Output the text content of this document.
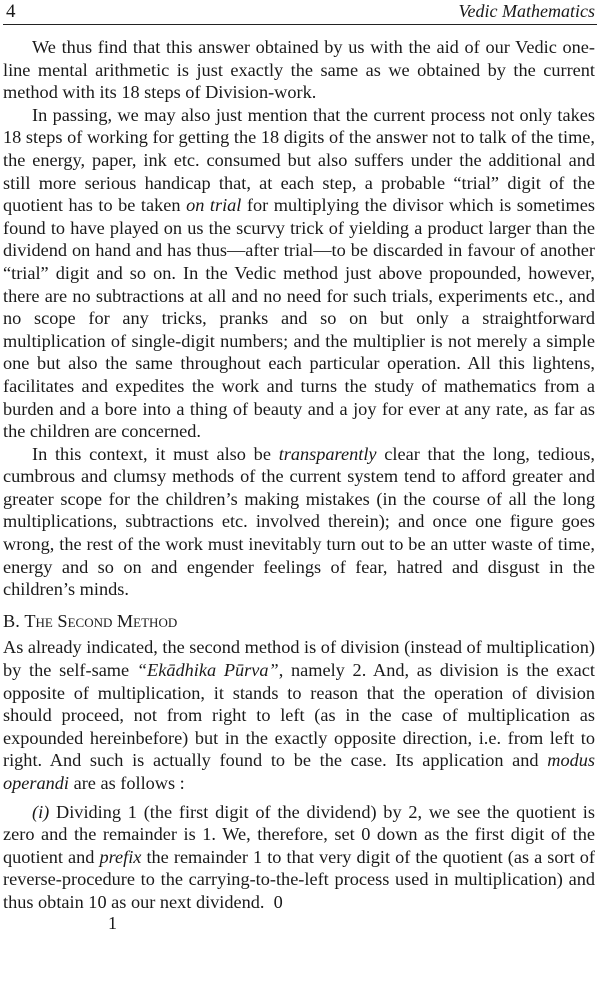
4	Vedic Mathematics

We thus find that this answer obtained by us with the aid of our Vedic one-line mental arithmetic is just exactly the same as we obtained by the current method with its 18 steps of Division-work.

In passing, we may also just mention that the current process not only takes 18 steps of working for getting the 18 digits of the answer not to talk of the time, the energy, paper, ink etc. consumed but also suffers under the additional and still more serious handicap that, at each step, a probable “trial” digit of the quotient has to be taken on trial for multiplying the divisor which is sometimes found to have played on us the scurvy trick of yielding a product larger than the dividend on hand and has thus—after trial—to be discarded in favour of another “trial” digit and so on. In the Vedic method just above propounded, however, there are no subtractions at all and no need for such trials, experiments etc., and no scope for any tricks, pranks and so on but only a straightforward multiplication of single-digit numbers; and the multiplier is not merely a simple one but also the same throughout each particular operation. All this lightens, facilitates and expedites the work and turns the study of mathematics from a burden and a bore into a thing of beauty and a joy for ever at any rate, as far as the children are concerned.

In this context, it must also be transparently clear that the long, tedious, cumbrous and clumsy methods of the current system tend to afford greater and greater scope for the children’s making mistakes (in the course of all the long multiplications, subtractions etc. involved therein); and once one figure goes wrong, the rest of the work must inevitably turn out to be an utter waste of time, energy and so on and engender feelings of fear, hatred and disgust in the children’s minds.

B. The Second Method

As already indicated, the second method is of division (instead of multiplication) by the self-same “Ekādhika Pūrva”, namely 2. And, as division is the exact opposite of multiplication, it stands to reason that the operation of division should proceed, not from right to left (as in the case of multiplication as expounded hereinbefore) but in the exactly opposite direction, i.e. from left to right. And such is actually found to be the case. Its application and modus operandi are as follows :

(i) Dividing 1 (the first digit of the dividend) by 2, we see the quotient is zero and the remainder is 1. We, therefore, set 0 down as the first digit of the quotient and prefix the remainder 1 to that very digit of the quotient (as a sort of reverse-procedure to the carrying-to-the-left process used in multiplication) and thus obtain 10 as our next dividend. 0

1
